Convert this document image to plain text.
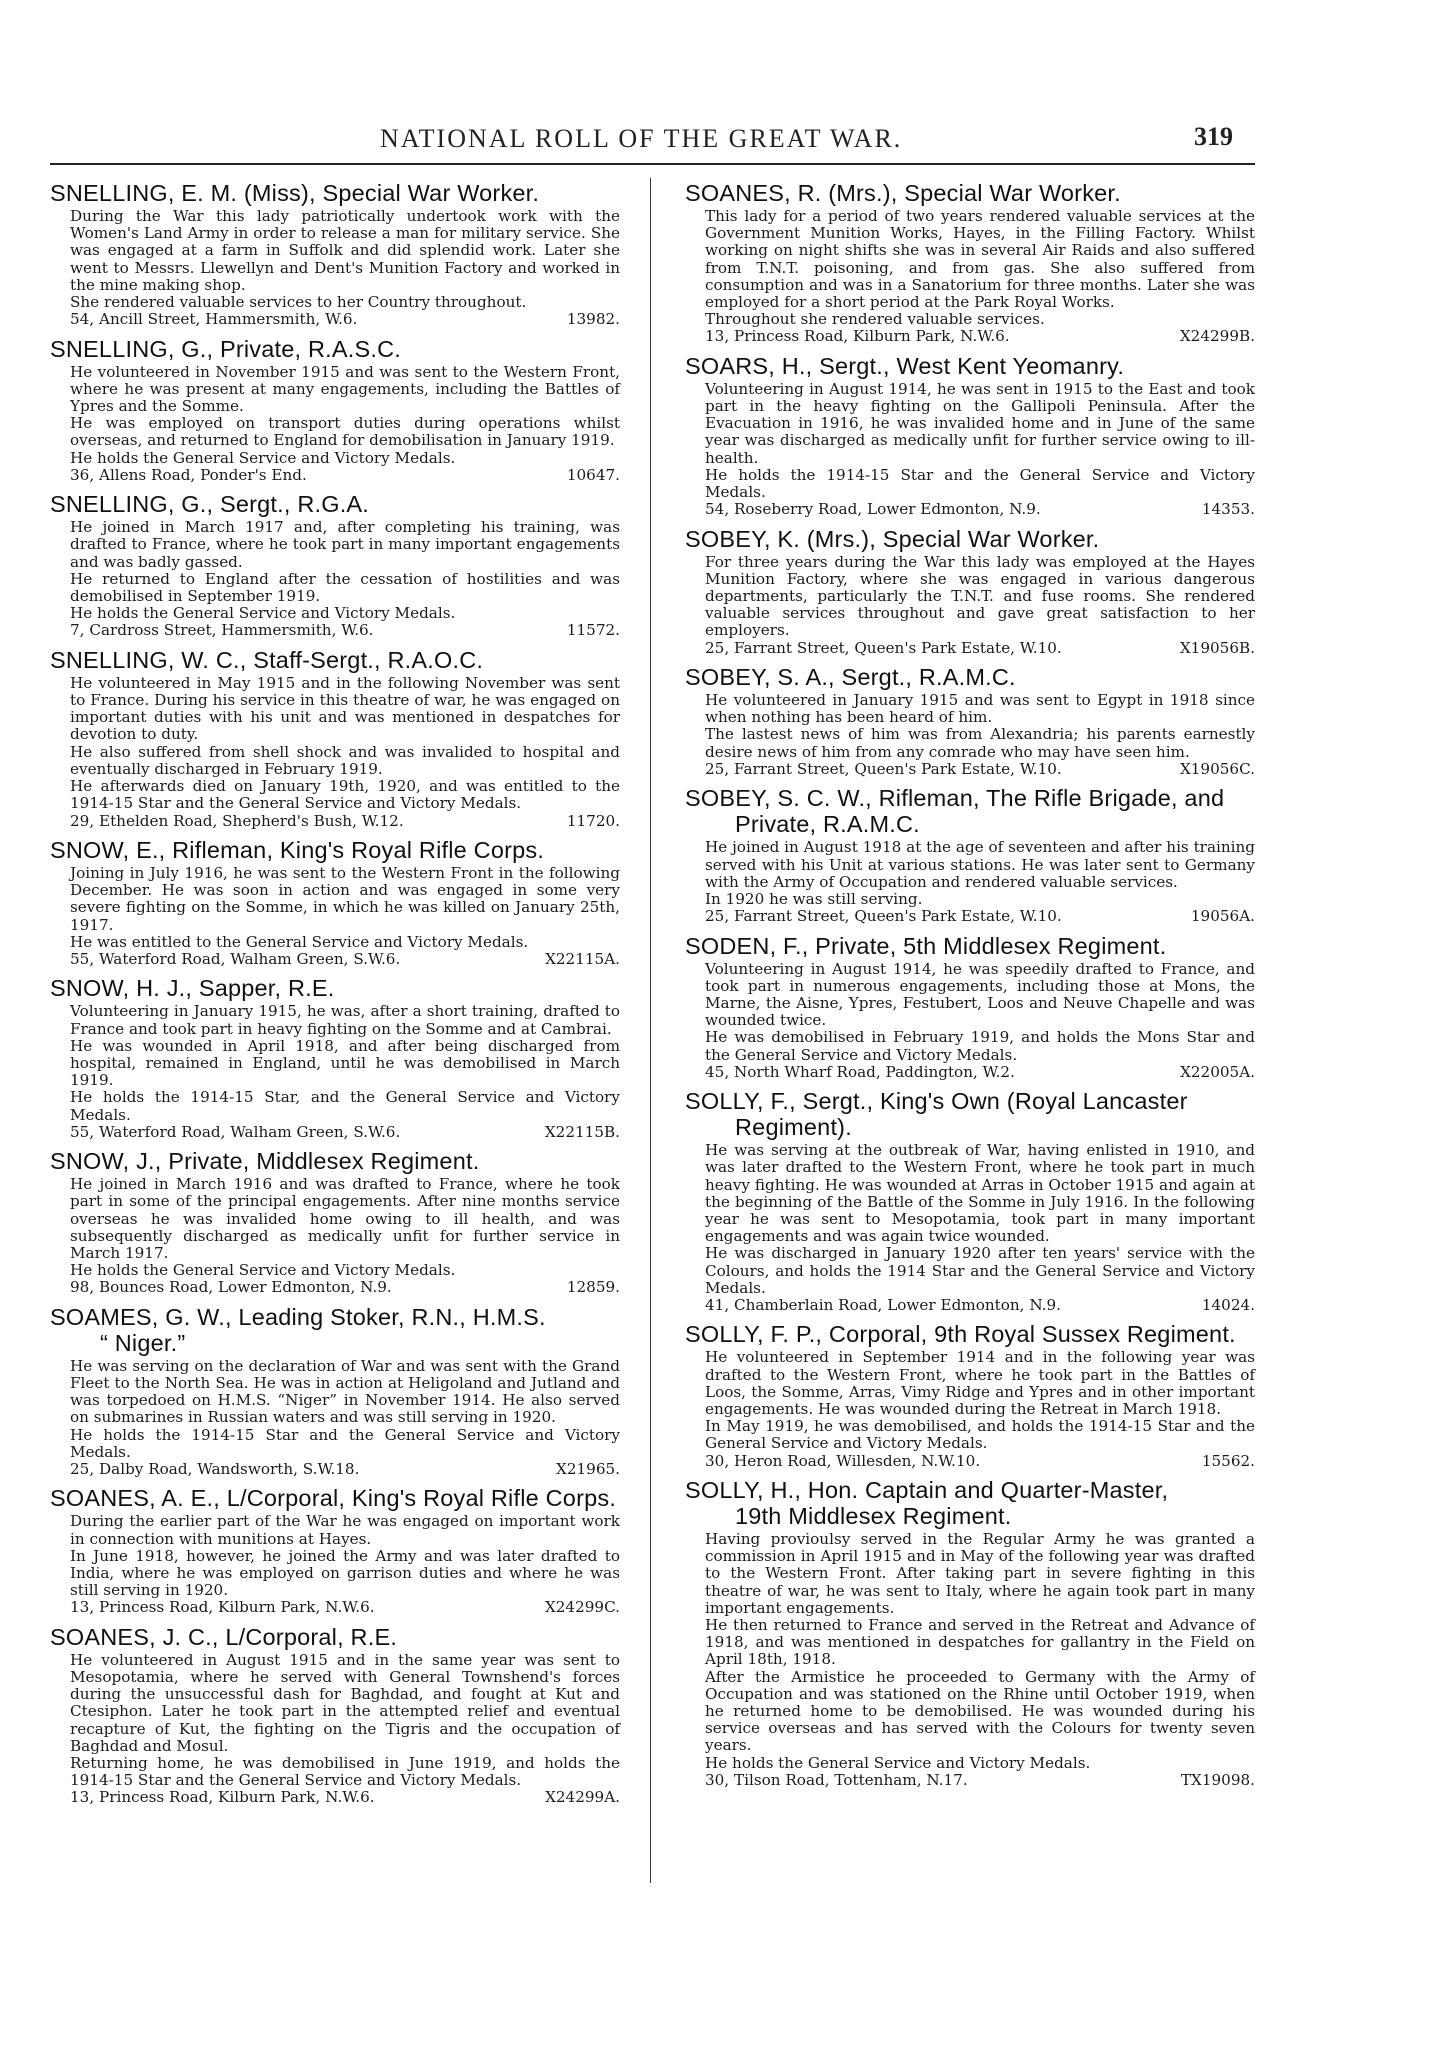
NATIONAL ROLL OF THE GREAT WAR.	319
SNELLING, E. M. (Miss), Special War Worker.

During the War this lady patriotically undertook work with the Women's Land Army in order to release a man for military service. She was engaged at a farm in Suffolk and did splendid work. Later she went to Messrs. Llewellyn and Dent's Munition Factory and worked in the mine making shop.

She rendered valuable services to her Country throughout.

54, Ancill Street, Hammersmith, W.6.	13982.
SNELLING, G., Private, R.A.S.C.

He volunteered in November 1915 and was sent to the Western Front, where he was present at many engagements, including the Battles of Ypres and the Somme.

He was employed on transport duties during operations whilst overseas, and returned to England for demobilisation in January 1919.

He holds the General Service and Victory Medals.

36, Allens Road, Ponder's End.	10647.
SNELLING, G., Sergt., R.G.A.

He joined in March 1917 and, after completing his training, was drafted to France, where he took part in many important engagements and was badly gassed.

He returned to England after the cessation of hostilities and was demobilised in September 1919.

He holds the General Service and Victory Medals.

7, Cardross Street, Hammersmith, W.6.	11572.
SNELLING, W. C., Staff-Sergt., R.A.O.C.

He volunteered in May 1915 and in the following November was sent to France. During his service in this theatre of war, he was engaged on important duties with his unit and was mentioned in despatches for devotion to duty.

He also suffered from shell shock and was invalided to hospital and eventually discharged in February 1919.

He afterwards died on January 19th, 1920, and was entitled to the 1914-15 Star and the General Service and Victory Medals.

29, Ethelden Road, Shepherd's Bush, W.12.	11720.
SNOW, E., Rifleman, King's Royal Rifle Corps.

Joining in July 1916, he was sent to the Western Front in the following December. He was soon in action and was engaged in some very severe fighting on the Somme, in which he was killed on January 25th, 1917.

He was entitled to the General Service and Victory Medals.

55, Waterford Road, Walham Green, S.W.6.	X22115A.
SNOW, H. J., Sapper, R.E.

Volunteering in January 1915, he was, after a short training, drafted to France and took part in heavy fighting on the Somme and at Cambrai.

He was wounded in April 1918, and after being discharged from hospital, remained in England, until he was demobilised in March 1919.

He holds the 1914-15 Star, and the General Service and Victory Medals.

55, Waterford Road, Walham Green, S.W.6.	X22115B.
SNOW, J., Private, Middlesex Regiment.

He joined in March 1916 and was drafted to France, where he took part in some of the principal engagements. After nine months service overseas he was invalided home owing to ill health, and was subsequently discharged as medically unfit for further service in March 1917.

He holds the General Service and Victory Medals.

98, Bounces Road, Lower Edmonton, N.9.	12859.
SOAMES, G. W., Leading Stoker, R.N., H.M.S.
“ Niger.”

He was serving on the declaration of War and was sent with the Grand Fleet to the North Sea. He was in action at Heligoland and Jutland and was torpedoed on H.M.S. “Niger” in November 1914. He also served on submarines in Russian waters and was still serving in 1920.

He holds the 1914-15 Star and the General Service and Victory Medals.

25, Dalby Road, Wandsworth, S.W.18.	X21965.
SOANES, A. E., L/Corporal, King's Royal Rifle Corps.

During the earlier part of the War he was engaged on important work in connection with munitions at Hayes.

In June 1918, however, he joined the Army and was later drafted to India, where he was employed on garrison duties and where he was still serving in 1920.

13, Princess Road, Kilburn Park, N.W.6.	X24299C.
SOANES, J. C., L/Corporal, R.E.

He volunteered in August 1915 and in the same year was sent to Mesopotamia, where he served with General Townshend's forces during the unsuccessful dash for Baghdad, and fought at Kut and Ctesiphon. Later he took part in the attempted relief and eventual recapture of Kut, the fighting on the Tigris and the occupation of Baghdad and Mosul.

Returning home, he was demobilised in June 1919, and holds the 1914-15 Star and the General Service and Victory Medals.

13, Princess Road, Kilburn Park, N.W.6.	X24299A.
SOANES, R. (Mrs.), Special War Worker.

This lady for a period of two years rendered valuable services at the Government Munition Works, Hayes, in the Filling Factory. Whilst working on night shifts she was in several Air Raids and also suffered from T.N.T. poisoning, and from gas. She also suffered from consumption and was in a Sanatorium for three months. Later she was employed for a short period at the Park Royal Works.

Throughout she rendered valuable services.

13, Princess Road, Kilburn Park, N.W.6.	X24299B.
SOARS, H., Sergt., West Kent Yeomanry.

Volunteering in August 1914, he was sent in 1915 to the East and took part in the heavy fighting on the Gallipoli Peninsula. After the Evacuation in 1916, he was invalided home and in June of the same year was discharged as medically unfit for further service owing to ill-health.

He holds the 1914-15 Star and the General Service and Victory Medals.

54, Roseberry Road, Lower Edmonton, N.9.	14353.
SOBEY, K. (Mrs.), Special War Worker.

For three years during the War this lady was employed at the Hayes Munition Factory, where she was engaged in various dangerous departments, particularly the T.N.T. and fuse rooms. She rendered valuable services throughout and gave great satisfaction to her employers.

25, Farrant Street, Queen's Park Estate, W.10.	X19056B.
SOBEY, S. A., Sergt., R.A.M.C.

He volunteered in January 1915 and was sent to Egypt in 1918 since when nothing has been heard of him.

The lastest news of him was from Alexandria; his parents earnestly desire news of him from any comrade who may have seen him.

25, Farrant Street, Queen's Park Estate, W.10.	X19056C.
SOBEY, S. C. W., Rifleman, The Rifle Brigade, and
Private, R.A.M.C.

He joined in August 1918 at the age of seventeen and after his training served with his Unit at various stations. He was later sent to Germany with the Army of Occupation and rendered valuable services.

In 1920 he was still serving.

25, Farrant Street, Queen's Park Estate, W.10.	19056A.
SODEN, F., Private, 5th Middlesex Regiment.

Volunteering in August 1914, he was speedily drafted to France, and took part in numerous engagements, including those at Mons, the Marne, the Aisne, Ypres, Festubert, Loos and Neuve Chapelle and was wounded twice.

He was demobilised in February 1919, and holds the Mons Star and the General Service and Victory Medals.

45, North Wharf Road, Paddington, W.2.	X22005A.
SOLLY, F., Sergt., King's Own (Royal Lancaster
Regiment).

He was serving at the outbreak of War, having enlisted in 1910, and was later drafted to the Western Front, where he took part in much heavy fighting. He was wounded at Arras in October 1915 and again at the beginning of the Battle of the Somme in July 1916. In the following year he was sent to Mesopotamia, took part in many important engagements and was again twice wounded.

He was discharged in January 1920 after ten years' service with the Colours, and holds the 1914 Star and the General Service and Victory Medals.

41, Chamberlain Road, Lower Edmonton, N.9.	14024.
SOLLY, F. P., Corporal, 9th Royal Sussex Regiment.

He volunteered in September 1914 and in the following year was drafted to the Western Front, where he took part in the Battles of Loos, the Somme, Arras, Vimy Ridge and Ypres and in other important engagements. He was wounded during the Retreat in March 1918.

In May 1919, he was demobilised, and holds the 1914-15 Star and the General Service and Victory Medals.

30, Heron Road, Willesden, N.W.10.	15562.
SOLLY, H., Hon. Captain and Quarter-Master,
19th Middlesex Regiment.

Having provioulsy served in the Regular Army he was granted a commission in April 1915 and in May of the following year was drafted to the Western Front. After taking part in severe fighting in this theatre of war, he was sent to Italy, where he again took part in many important engagements.

He then returned to France and served in the Retreat and Advance of 1918, and was mentioned in despatches for gallantry in the Field on April 18th, 1918.

After the Armistice he proceeded to Germany with the Army of Occupation and was stationed on the Rhine until October 1919, when he returned home to be demobilised. He was wounded during his service overseas and has served with the Colours for twenty seven years.

He holds the General Service and Victory Medals.

30, Tilson Road, Tottenham, N.17.	TX19098.
